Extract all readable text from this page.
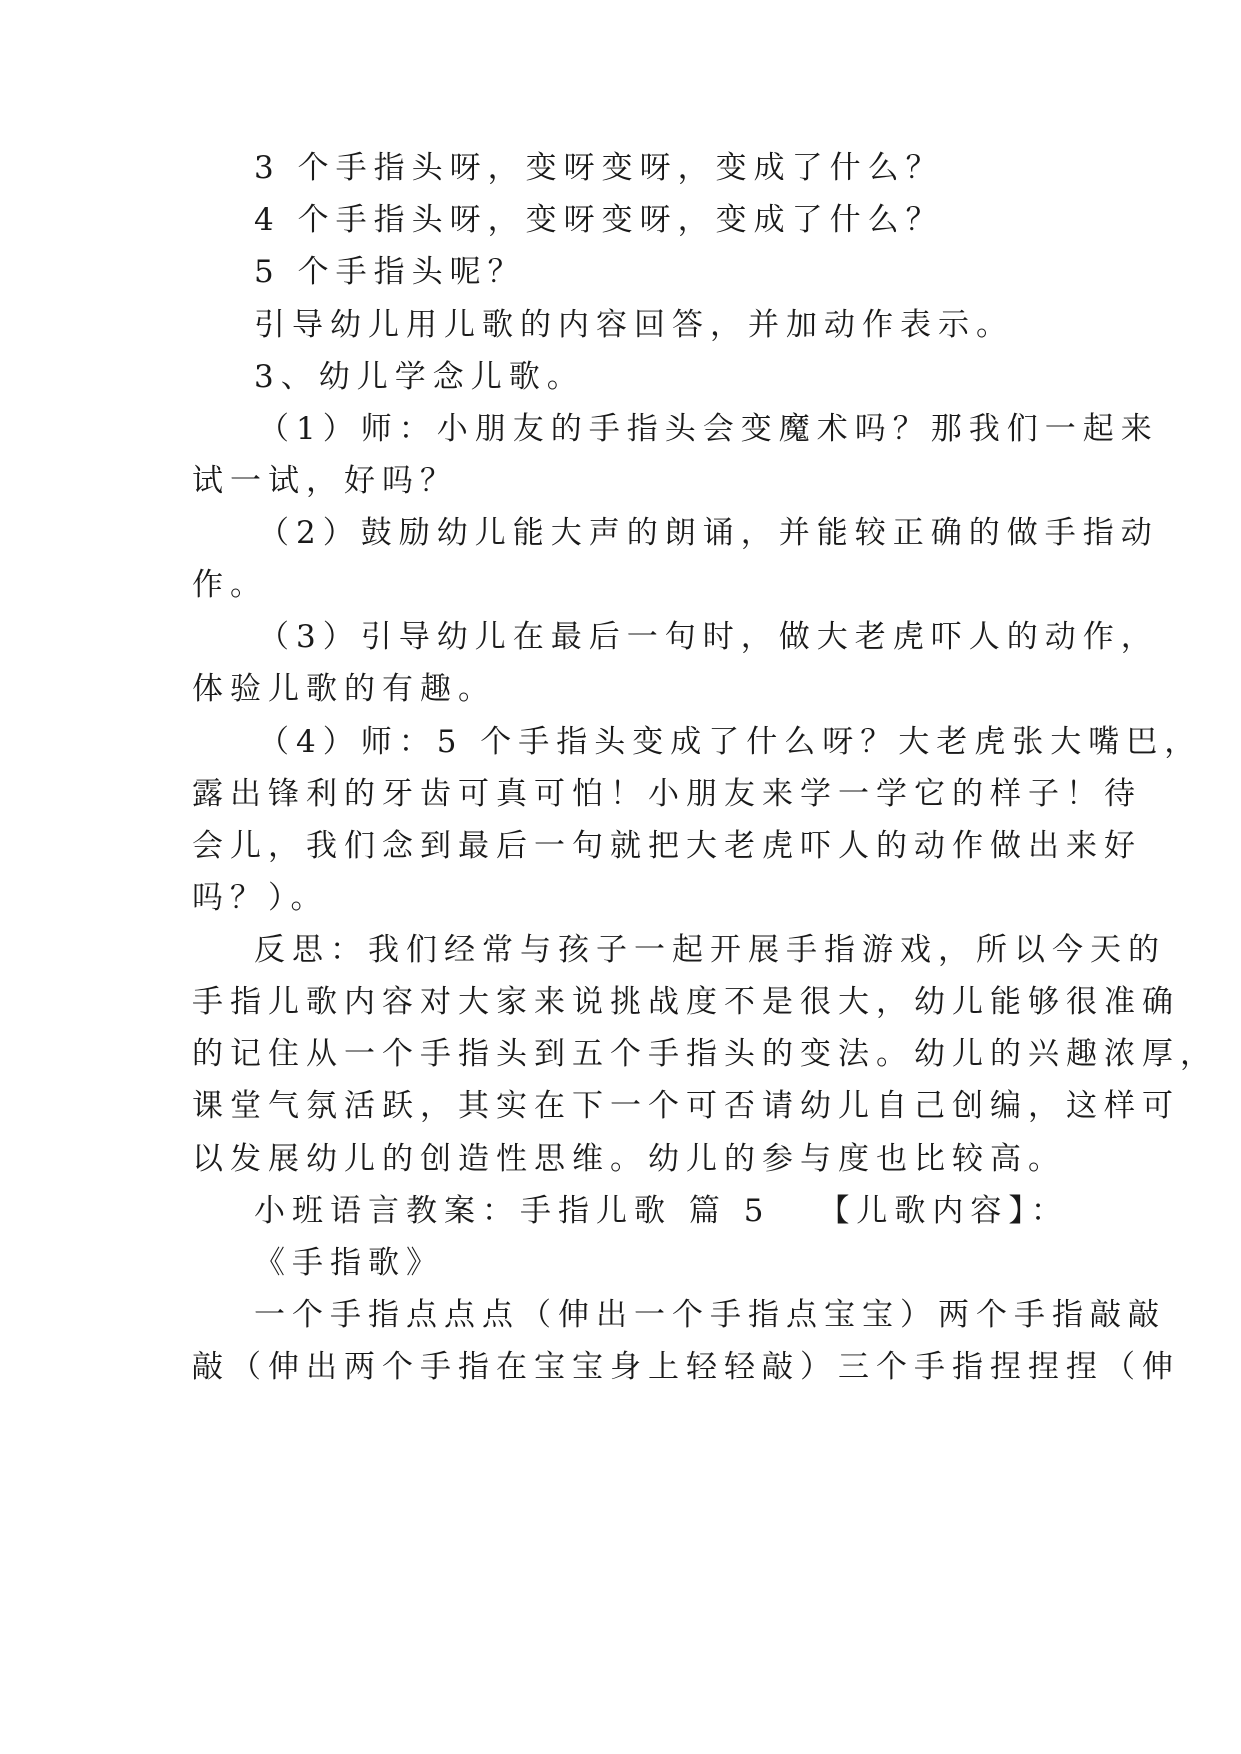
3 个手指头呀，变呀变呀，变成了什么？
4 个手指头呀，变呀变呀，变成了什么？
5 个手指头呢？
引导幼儿用儿歌的内容回答，并加动作表示。
3、幼儿学念儿歌。
（1）师：小朋友的手指头会变魔术吗？那我们一起来
试一试，好吗？
（2）鼓励幼儿能大声的朗诵，并能较正确的做手指动
作。
（3）引导幼儿在最后一句时，做大老虎吓人的动作，
体验儿歌的有趣。
（4）师：5 个手指头变成了什么呀？大老虎张大嘴巴，
露出锋利的牙齿可真可怕！小朋友来学一学它的样子！待
会儿，我们念到最后一句就把大老虎吓人的动作做出来好
吗？）。
反思：我们经常与孩子一起开展手指游戏，所以今天的
手指儿歌内容对大家来说挑战度不是很大，幼儿能够很准确
的记住从一个手指头到五个手指头的变法。幼儿的兴趣浓厚，
课堂气氛活跃，其实在下一个可否请幼儿自己创编，这样可
以发展幼儿的创造性思维。幼儿的参与度也比较高。
小班语言教案：手指儿歌 篇 5 【儿歌内容】：
《手指歌》
一个手指点点点（伸出一个手指点宝宝）两个手指敲敲
敲（伸出两个手指在宝宝身上轻轻敲）三个手指捏捏捏（伸
